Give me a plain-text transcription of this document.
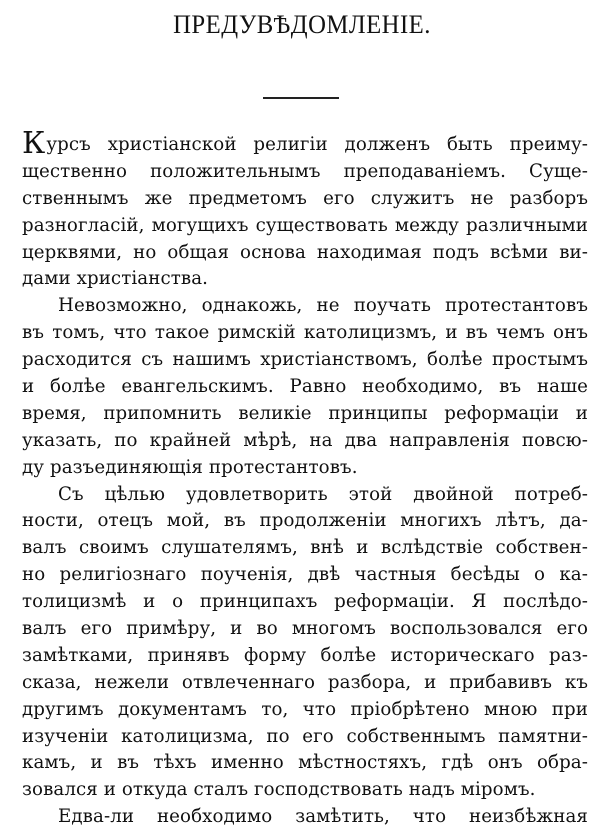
ПРЕДУВѢДОМЛЕНІЕ.
Курсъ христіанской религіи долженъ быть преиму-
щественно положительнымъ преподаваніемъ. Суще-
ственнымъ же предметомъ его служитъ не разборъ
разногласій, могущихъ существовать между различными
церквями, но общая основа находимая подъ всѣми ви-
дами христіанства.
Невозможно, однакожь, не поучать протестантовъ
въ томъ, что такое римскій католицизмъ, и въ чемъ онъ
расходится съ нашимъ христіанствомъ, болѣе простымъ
и болѣе евангельскимъ. Равно необходимо, въ наше
время, припомнить великіе принципы реформаціи и
указать, по крайней мѣрѣ, на два направленія повсю-
ду разъединяющія протестантовъ.
Съ цѣлью удовлетворить этой двойной потреб-
ности, отецъ мой, въ продолженіи многихъ лѣтъ, да-
валъ своимъ слушателямъ, внѣ и вслѣдствіе собствен-
но религіознаго поученія, двѣ частныя бесѣды о ка-
толицизмѣ и о принципахъ реформаціи. Я послѣдо-
валъ его примѣру, и во многомъ воспользовался его
замѣтками, принявъ форму болѣе историческаго раз-
сказа, нежели отвлеченнаго разбора, и прибавивъ къ
другимъ документамъ то, что пріобрѣтено мною при
изученіи католицизма, по его собственнымъ памятни-
камъ, и въ тѣхъ именно мѣстностяхъ, гдѣ онъ обра-
зовался и откуда сталъ господствовать надъ міромъ.
Едва-ли необходимо замѣтить, что неизбѣжная
